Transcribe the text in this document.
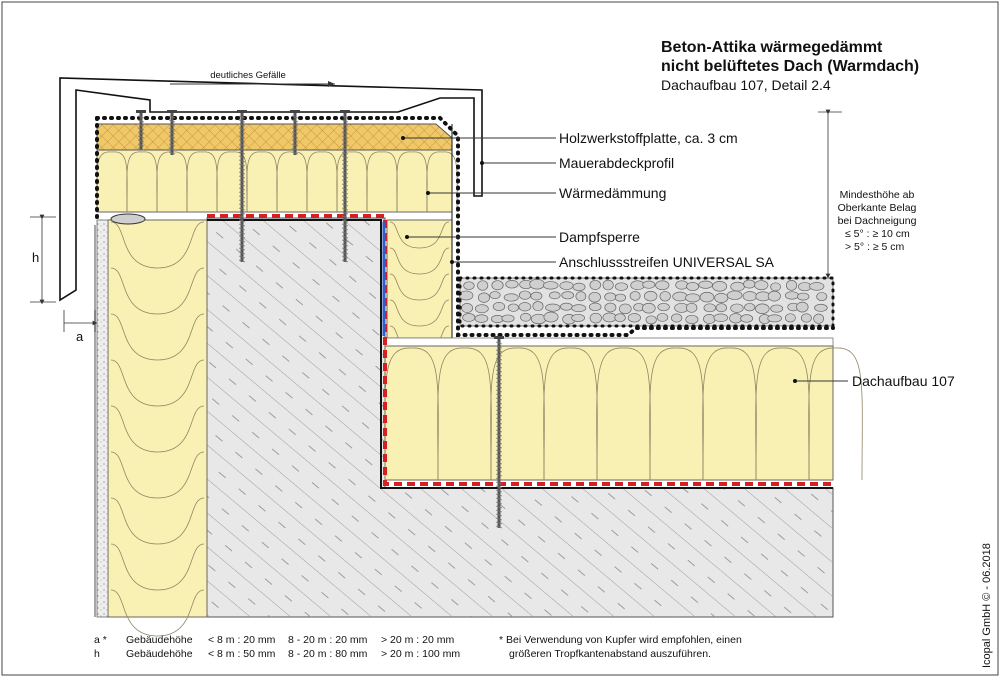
deutliches Gefälle
h
a
Mindesthöhe ab
Oberkante Belag
bei Dachneigung
≤ 5° : ≥ 10 cm
> 5° : ≥ 5 cm
Beton-Attika wärmegedämmt
nicht belüftetes Dach (Warmdach)
Dachaufbau 107, Detail 2.4
Holzwerkstoffplatte, ca. 3 cm
Mauerabdeckprofil
Wärmedämmung
Dampfsperre
Anschlussstreifen UNIVERSAL SA
Dachaufbau 107
a * Gebäudehöhe < 8 m : 20 mm 8 - 20 m : 20 mm > 20 m : 20 mm
h Gebäudehöhe < 8 m : 50 mm 8 - 20 m : 80 mm > 20 m : 100 mm
* Bei Verwendung von Kupfer wird empfohlen, einen
größeren Tropfkantenabstand auszuführen.	Icopal GmbH © - 06.2018
